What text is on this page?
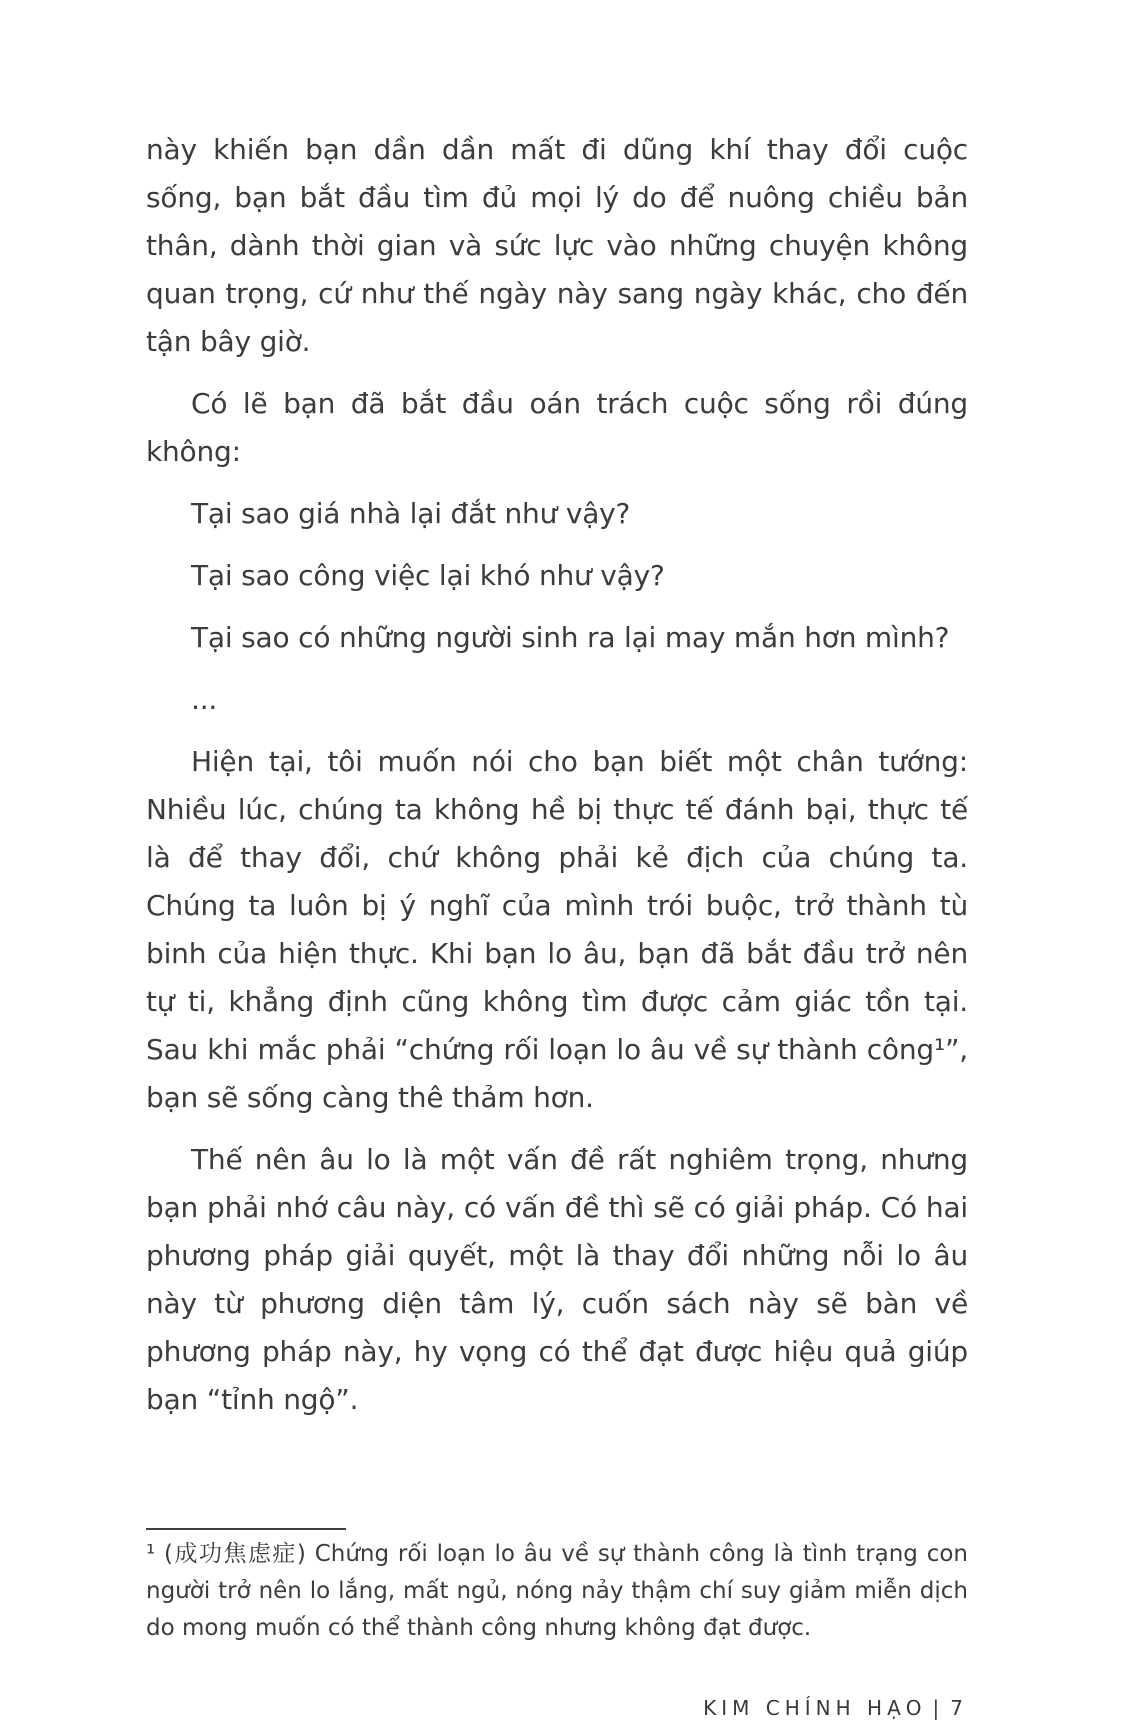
này khiến bạn dần dần mất đi dũng khí thay đổi cuộc sống, bạn bắt đầu tìm đủ mọi lý do để nuông chiều bản thân, dành thời gian và sức lực vào những chuyện không quan trọng, cứ như thế ngày này sang ngày khác, cho đến tận bây giờ.

Có lẽ bạn đã bắt đầu oán trách cuộc sống rồi đúng không:

Tại sao giá nhà lại đắt như vậy?

Tại sao công việc lại khó như vậy?

Tại sao có những người sinh ra lại may mắn hơn mình?

...

Hiện tại, tôi muốn nói cho bạn biết một chân tướng: Nhiều lúc, chúng ta không hề bị thực tế đánh bại, thực tế là để thay đổi, chứ không phải kẻ địch của chúng ta. Chúng ta luôn bị ý nghĩ của mình trói buộc, trở thành tù binh của hiện thực. Khi bạn lo âu, bạn đã bắt đầu trở nên tự ti, khẳng định cũng không tìm được cảm giác tồn tại. Sau khi mắc phải “chứng rối loạn lo âu về sự thành công¹”, bạn sẽ sống càng thê thảm hơn.

Thế nên âu lo là một vấn đề rất nghiêm trọng, nhưng bạn phải nhớ câu này, có vấn đề thì sẽ có giải pháp. Có hai phương pháp giải quyết, một là thay đổi những nỗi lo âu này từ phương diện tâm lý, cuốn sách này sẽ bàn về phương pháp này, hy vọng có thể đạt được hiệu quả giúp bạn “tỉnh ngộ”.

¹ (成功焦虑症) Chứng rối loạn lo âu về sự thành công là tình trạng con người trở nên lo lắng, mất ngủ, nóng nảy thậm chí suy giảm miễn dịch do mong muốn có thể thành công nhưng không đạt được.
KIM CHÍNH HẠO | 7
